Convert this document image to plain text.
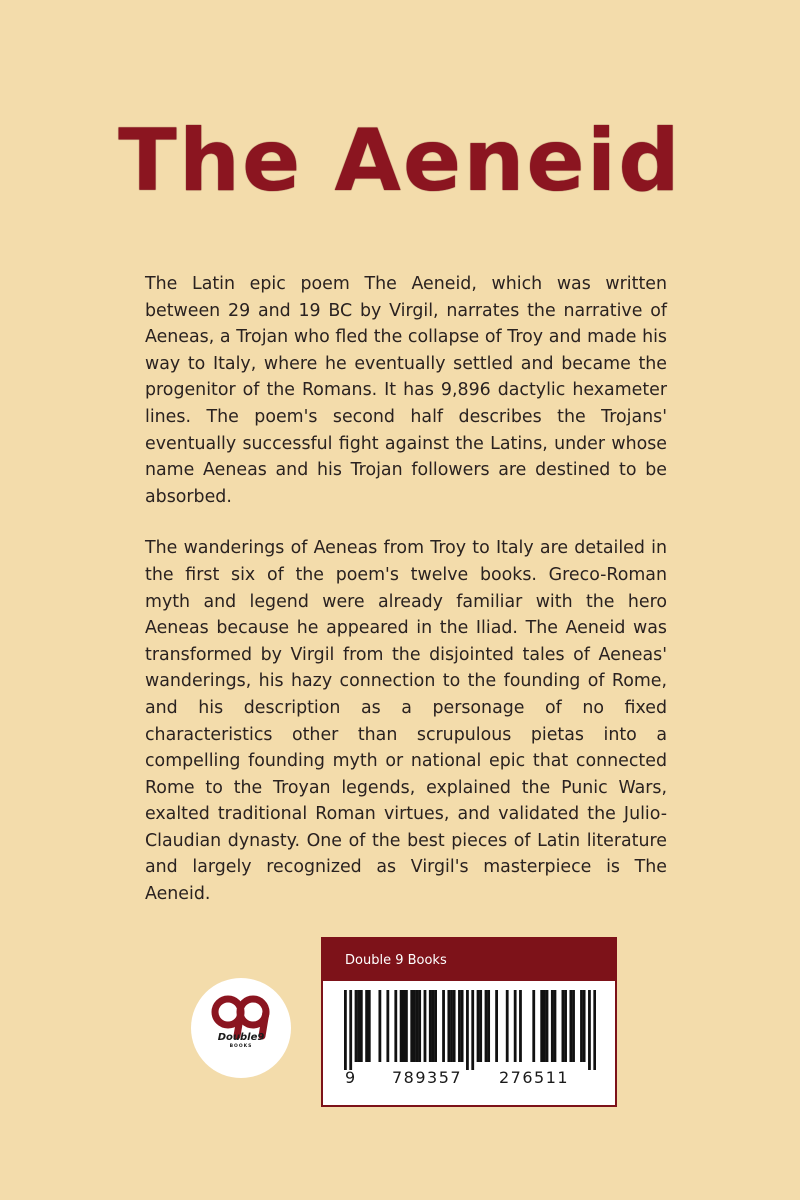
The Aeneid

The Latin epic poem The Aeneid, which was written between 29 and 19 BC by Virgil, narrates the narrative of Aeneas, a Trojan who fled the collapse of Troy and made his way to Italy, where he eventually settled and became the progenitor of the Romans. It has 9,896 dactylic hexameter lines. The poem's second half describes the Trojans' eventually successful fight against the Latins, under whose name Aeneas and his Trojan followers are destined to be absorbed.

The wanderings of Aeneas from Troy to Italy are detailed in the first six of the poem's twelve books. Greco-Roman myth and legend were already familiar with the hero Aeneas because he appeared in the Iliad. The Aeneid was transformed by Virgil from the disjointed tales of Aeneas' wanderings, his hazy connection to the founding of Rome, and his description as a personage of no fixed characteristics other than scrupulous pietas into a compelling founding myth or national epic that connected Rome to the Troyan legends, explained the Punic Wars, exalted traditional Roman virtues, and validated the Julio-Claudian dynasty. One of the best pieces of Latin literature and largely recognized as Virgil's masterpiece is The Aeneid.

Double9
BOOKS
Double 9 Books
9 789357 276511
